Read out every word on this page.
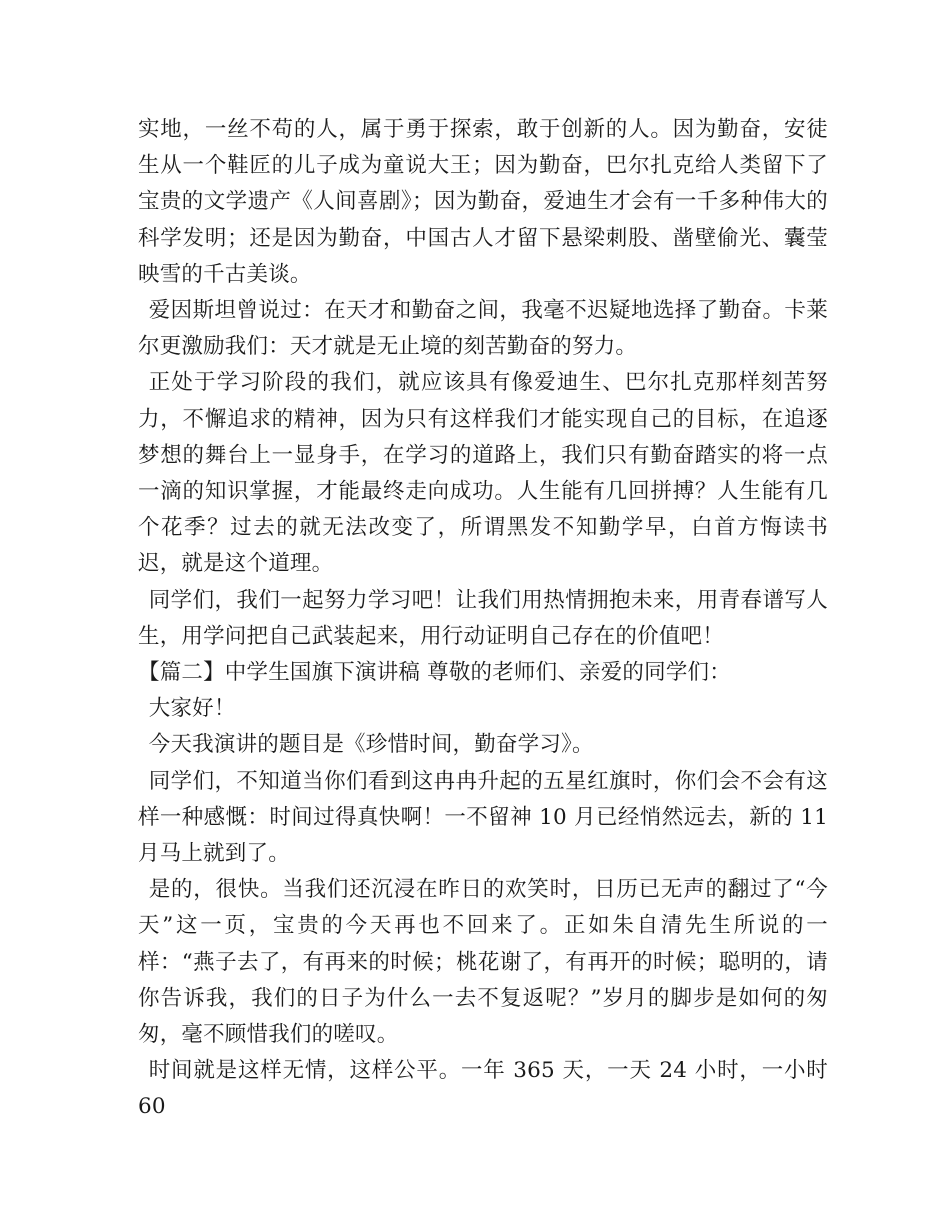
实地，一丝不苟的人，属于勇于探索，敢于创新的人。因为勤奋，安徒生从一个鞋匠的儿子成为童说大王；因为勤奋，巴尔扎克给人类留下了宝贵的文学遗产《人间喜剧》；因为勤奋，爱迪生才会有一千多种伟大的科学发明；还是因为勤奋，中国古人才留下悬梁刺股、凿壁偷光、囊莹映雪的千古美谈。

爱因斯坦曾说过：在天才和勤奋之间，我毫不迟疑地选择了勤奋。卡莱尔更激励我们：天才就是无止境的刻苦勤奋的努力。

正处于学习阶段的我们，就应该具有像爱迪生、巴尔扎克那样刻苦努力，不懈追求的精神，因为只有这样我们才能实现自己的目标，在追逐梦想的舞台上一显身手，在学习的道路上，我们只有勤奋踏实的将一点一滴的知识掌握，才能最终走向成功。人生能有几回拼搏？人生能有几个花季？过去的就无法改变了，所谓黑发不知勤学早，白首方悔读书迟，就是这个道理。

同学们，我们一起努力学习吧！让我们用热情拥抱未来，用青春谱写人生，用学问把自己武装起来，用行动证明自己存在的价值吧！

【篇二】中学生国旗下演讲稿 尊敬的老师们、亲爱的同学们：

大家好！

今天我演讲的题目是《珍惜时间，勤奋学习》。

同学们，不知道当你们看到这冉冉升起的五星红旗时，你们会不会有这样一种感慨：时间过得真快啊！一不留神 10 月已经悄然远去，新的 11 月马上就到了。

是的，很快。当我们还沉浸在昨日的欢笑时，日历已无声的翻过了“今天”这一页，宝贵的今天再也不回来了。正如朱自清先生所说的一样：“燕子去了，有再来的时候；桃花谢了，有再开的时候；聪明的，请你告诉我，我们的日子为什么一去不复返呢？”岁月的脚步是如何的匆匆，毫不顾惜我们的嗟叹。

时间就是这样无情，这样公平。一年 365 天，一天 24 小时，一小时 60
